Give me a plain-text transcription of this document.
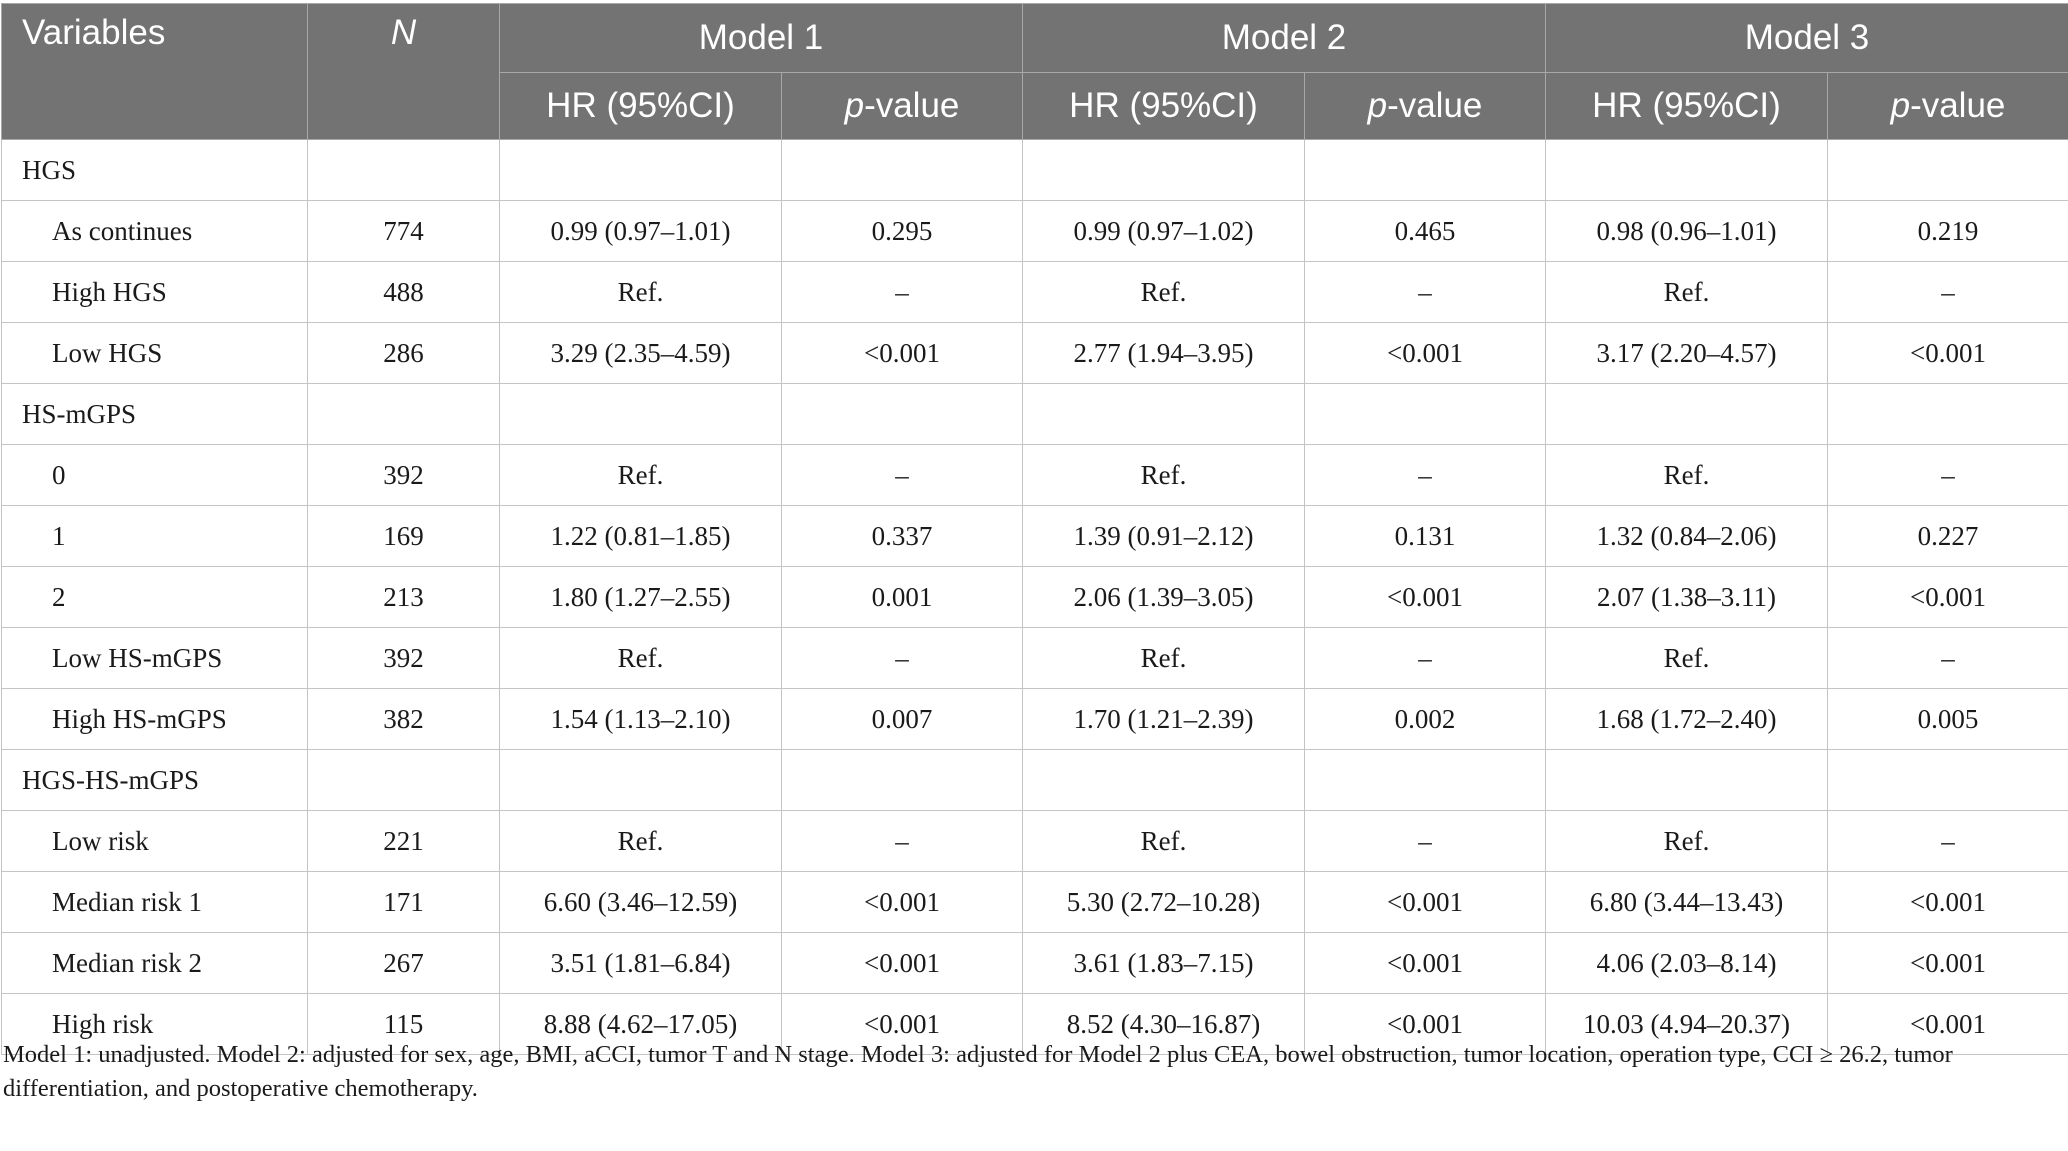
Variables	N	Model 1		Model 2		Model 3	
		HR (95%CI)	p-value	HR (95%CI)	p-value	HR (95%CI)	p-value
HGS							
As continues	774	0.99 (0.97–1.01)	0.295	0.99 (0.97–1.02)	0.465	0.98 (0.96–1.01)	0.219
High HGS	488	Ref.	–	Ref.	–	Ref.	–
Low HGS	286	3.29 (2.35–4.59)	<0.001	2.77 (1.94–3.95)	<0.001	3.17 (2.20–4.57)	<0.001
HS-mGPS							
0	392	Ref.	–	Ref.	–	Ref.	–
1	169	1.22 (0.81–1.85)	0.337	1.39 (0.91–2.12)	0.131	1.32 (0.84–2.06)	0.227
2	213	1.80 (1.27–2.55)	0.001	2.06 (1.39–3.05)	<0.001	2.07 (1.38–3.11)	<0.001
Low HS-mGPS	392	Ref.	–	Ref.	–	Ref.	–
High HS-mGPS	382	1.54 (1.13–2.10)	0.007	1.70 (1.21–2.39)	0.002	1.68 (1.72–2.40)	0.005
HGS-HS-mGPS							
Low risk	221	Ref.	–	Ref.	–	Ref.	–
Median risk 1	171	6.60 (3.46–12.59)	<0.001	5.30 (2.72–10.28)	<0.001	6.80 (3.44–13.43)	<0.001
Median risk 2	267	3.51 (1.81–6.84)	<0.001	3.61 (1.83–7.15)	<0.001	4.06 (2.03–8.14)	<0.001
High risk	115	8.88 (4.62–17.05)	<0.001	8.52 (4.30–16.87)	<0.001	10.03 (4.94–20.37)	<0.001

Model 1: unadjusted. Model 2: adjusted for sex, age, BMI, aCCI, tumor T and N stage. Model 3: adjusted for Model 2 plus CEA, bowel obstruction, tumor location, operation type, CCI ≥ 26.2, tumor differentiation, and postoperative chemotherapy.
